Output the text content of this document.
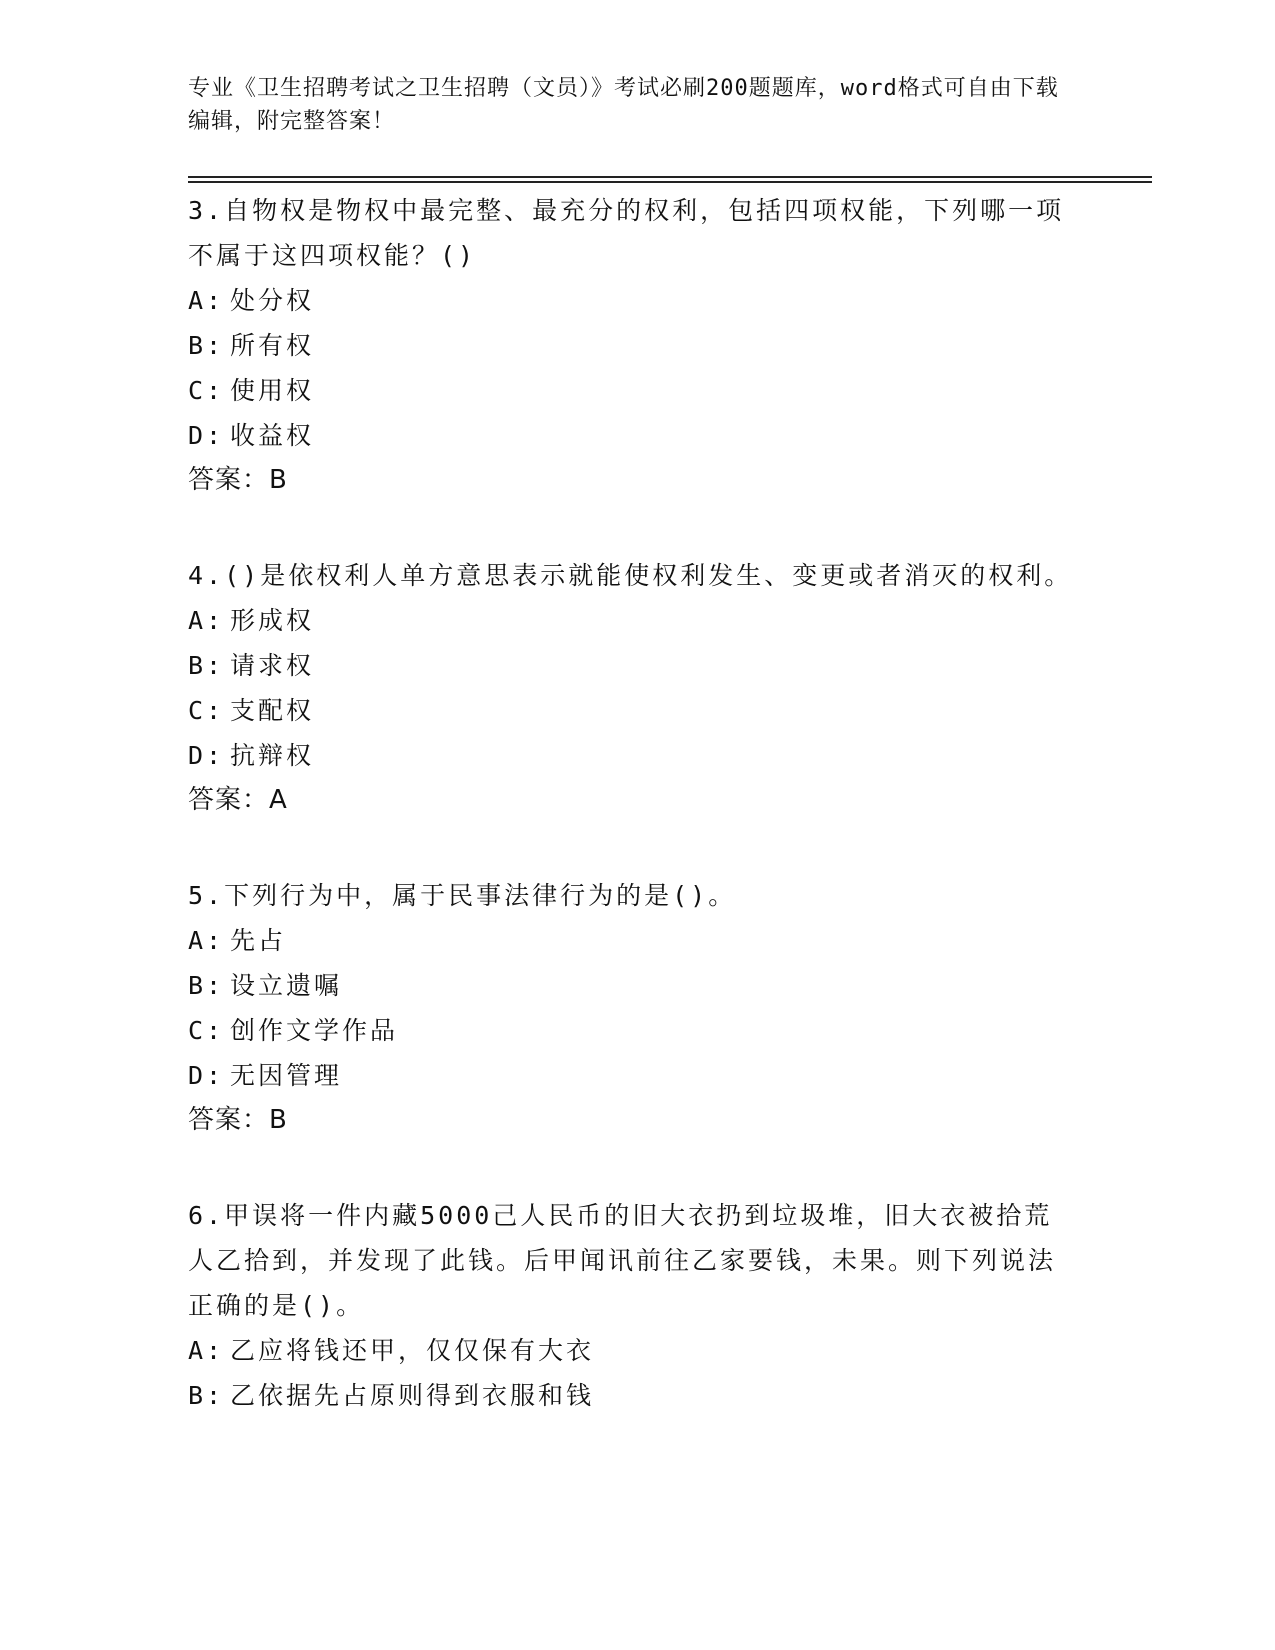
专业《卫生招聘考试之卫生招聘（文员）》考试必刷200题题库，word格式可自由下载编辑，附完整答案！

3.自物权是物权中最完整、最充分的权利，包括四项权能，下列哪一项不属于这四项权能？()

A: 处分权

B: 所有权

C: 使用权

D: 收益权

答案：B

4.()是依权利人单方意思表示就能使权利发生、变更或者消灭的权利。

A: 形成权

B: 请求权

C: 支配权

D: 抗辩权

答案：A

5.下列行为中，属于民事法律行为的是()。

A: 先占

B: 设立遗嘱

C: 创作文学作品

D: 无因管理

答案：B

6.甲误将一件内藏5000己人民币的旧大衣扔到垃圾堆，旧大衣被拾荒人乙拾到，并发现了此钱。后甲闻讯前往乙家要钱，未果。则下列说法正确的是()。

A: 乙应将钱还甲，仅仅保有大衣

B: 乙依据先占原则得到衣服和钱
